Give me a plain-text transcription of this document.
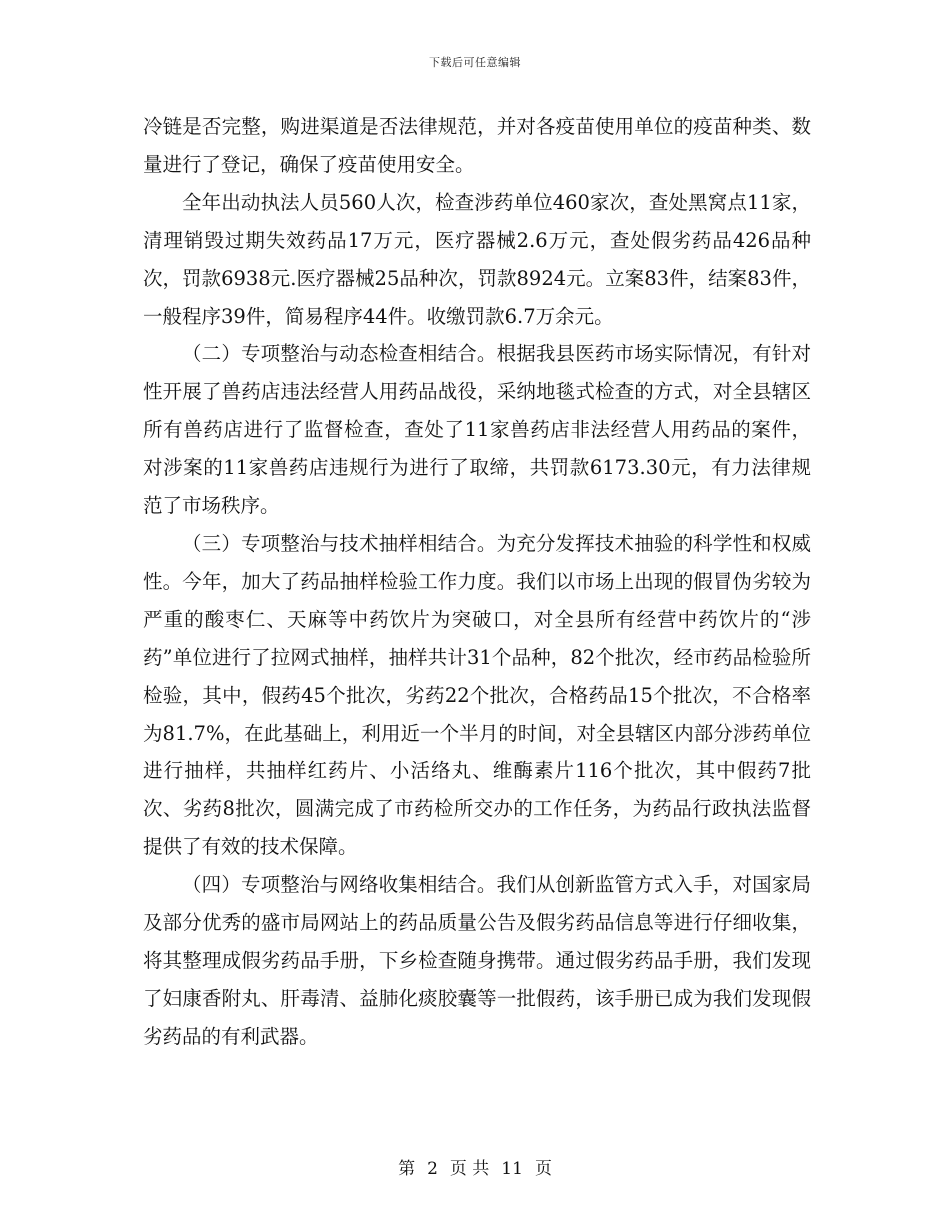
下载后可任意编辑

冷链是否完整，购进渠道是否法律规范，并对各疫苗使用单位的疫苗种类、数量进行了登记，确保了疫苗使用安全。

全年出动执法人员560人次，检查涉药单位460家次，查处黑窝点11家，清理销毁过期失效药品17万元，医疗器械2.6万元，查处假劣药品426品种次，罚款6938元.医疗器械25品种次，罚款8924元。立案83件，结案83件，一般程序39件，简易程序44件。收缴罚款6.7万余元。

（二）专项整治与动态检查相结合。根据我县医药市场实际情况，有针对性开展了兽药店违法经营人用药品战役，采纳地毯式检查的方式，对全县辖区所有兽药店进行了监督检查，查处了11家兽药店非法经营人用药品的案件，对涉案的11家兽药店违规行为进行了取缔，共罚款6173.30元，有力法律规范了市场秩序。

（三）专项整治与技术抽样相结合。为充分发挥技术抽验的科学性和权威性。今年，加大了药品抽样检验工作力度。我们以市场上出现的假冒伪劣较为严重的酸枣仁、天麻等中药饮片为突破口，对全县所有经营中药饮片的“涉药”单位进行了拉网式抽样，抽样共计31个品种，82个批次，经市药品检验所检验，其中，假药45个批次，劣药22个批次，合格药品15个批次，不合格率为81.7%，在此基础上，利用近一个半月的时间，对全县辖区内部分涉药单位进行抽样，共抽样红药片、小活络丸、维酶素片116个批次，其中假药7批次、劣药8批次，圆满完成了市药检所交办的工作任务，为药品行政执法监督提供了有效的技术保障。

（四）专项整治与网络收集相结合。我们从创新监管方式入手，对国家局及部分优秀的盛市局网站上的药品质量公告及假劣药品信息等进行仔细收集，将其整理成假劣药品手册，下乡检查随身携带。通过假劣药品手册，我们发现了妇康香附丸、肝毒清、益肺化痰胶囊等一批假药，该手册已成为我们发现假劣药品的有利武器。

第 2 页 共 11 页
